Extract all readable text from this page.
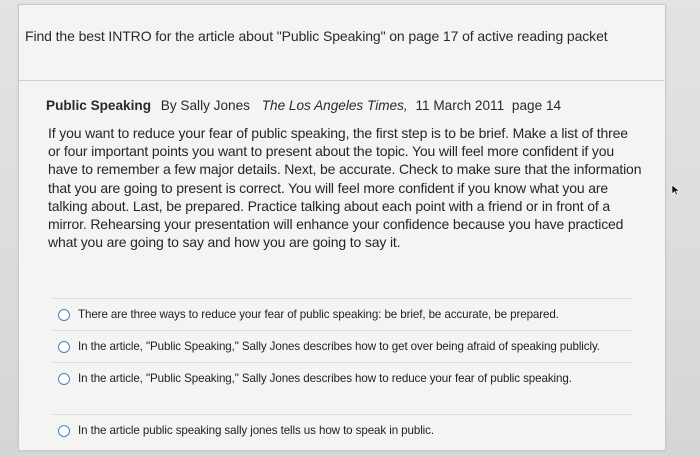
Find the best INTRO for the article about "Public Speaking" on page 17 of active reading packet
Public Speaking By Sally Jones The Los Angeles Times, 11 March 2011 page 14
If you want to reduce your fear of public speaking, the first step is to be brief. Make a list of three
or four important points you want to present about the topic. You will feel more confident if you
have to remember a few major details. Next, be accurate. Check to make sure that the information
that you are going to present is correct. You will feel more confident if you know what you are
talking about. Last, be prepared. Practice talking about each point with a friend or in front of a
mirror. Rehearsing your presentation will enhance your confidence because you have practiced
what you are going to say and how you are going to say it.
There are three ways to reduce your fear of public speaking: be brief, be accurate, be prepared.
In the article, "Public Speaking," Sally Jones describes how to get over being afraid of speaking publicly.
In the article, "Public Speaking," Sally Jones describes how to reduce your fear of public speaking.
In the article public speaking sally jones tells us how to speak in public.
